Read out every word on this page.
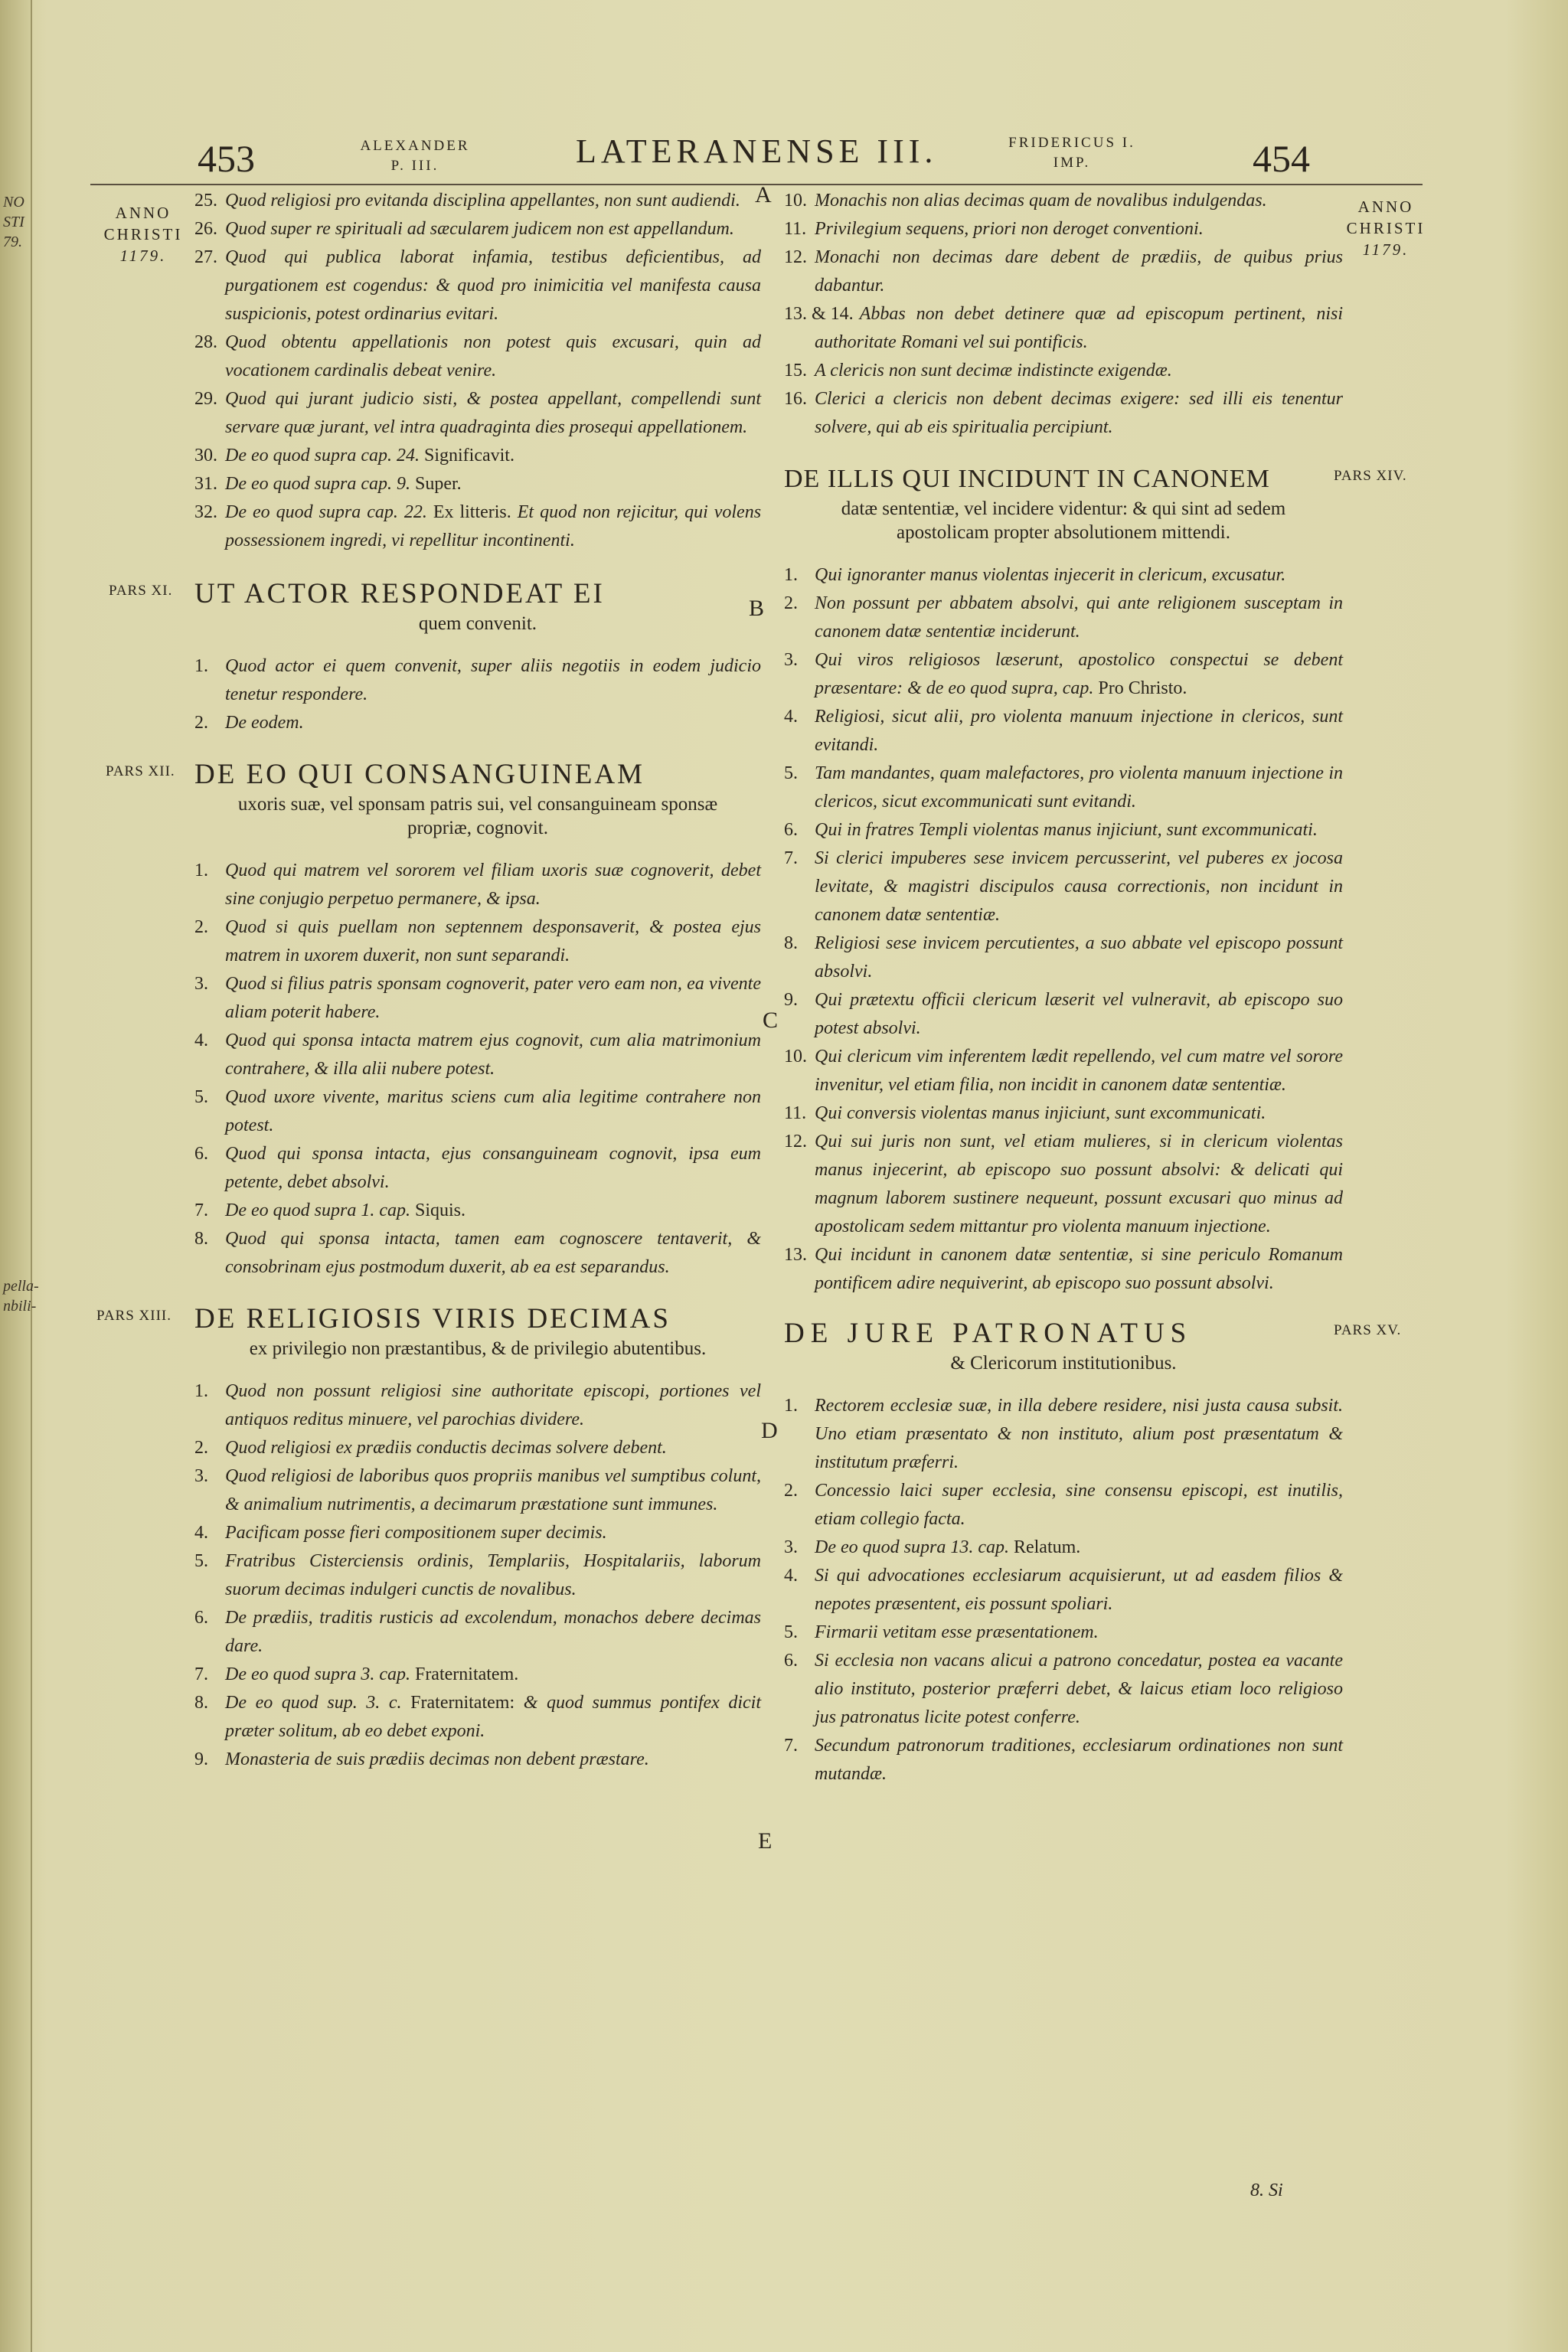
NO
STI
79.
pella-
nbili-
453	ALEXANDER
P. III.	LATERANENSE III.	FRIDERICUS I.
IMP.	454
ANNO
CHRISTI
1179.
ANNO
CHRISTI
1179.
A
B
C
D
E
25. Quod religiosi pro evitanda disciplina appellantes, non sunt audiendi.
26. Quod super re spirituali ad sæcularem judicem non est appellandum.
27. Quod qui publica laborat infamia, testibus deficientibus, ad purgationem est cogendus: & quod pro inimicitia vel manifesta causa suspicionis, potest ordinarius evitari.
28. Quod obtentu appellationis non potest quis excusari, quin ad vocationem cardinalis debeat venire.
29. Quod qui jurant judicio sisti, & postea appellant, compellendi sunt servare quæ jurant, vel intra quadraginta dies prosequi appellationem.
30. De eo quod supra cap. 24. Significavit.
31. De eo quod supra cap. 9. Super.
32. De eo quod supra cap. 22. Ex litteris. Et quod non rejicitur, qui volens possessionem ingredi, vi repellitur incontinenti.
PARS XI. UT ACTOR RESPONDEAT EI
quem convenit.
1. Quod actor ei quem convenit, super aliis negotiis in eodem judicio tenetur respondere.
2. De eodem.
PARS XII. DE EO QUI CONSANGUINEAM
uxoris suæ, vel sponsam patris sui, vel consanguineam sponsæ propriæ, cognovit.
1. Quod qui matrem vel sororem vel filiam uxoris suæ cognoverit, debet sine conjugio perpetuo permanere, & ipsa.
2. Quod si quis puellam non septennem desponsaverit, & postea ejus matrem in uxorem duxerit, non sunt separandi.
3. Quod si filius patris sponsam cognoverit, pater vero eam non, ea vivente aliam poterit habere.
4. Quod qui sponsa intacta matrem ejus cognovit, cum alia matrimonium contrahere, & illa alii nubere potest.
5. Quod uxore vivente, maritus sciens cum alia legitime contrahere non potest.
6. Quod qui sponsa intacta, ejus consanguineam cognovit, ipsa eum petente, debet absolvi.
7. De eo quod supra 1. cap. Siquis.
8. Quod qui sponsa intacta, tamen eam cognoscere tentaverit, & consobrinam ejus postmodum duxerit, ab ea est separandus.
PARS XIII. DE RELIGIOSIS VIRIS DECIMAS
ex privilegio non præstantibus, & de privilegio abutentibus.
1. Quod non possunt religiosi sine authoritate episcopi, portiones vel antiquos reditus minuere, vel parochias dividere.
2. Quod religiosi ex prædiis conductis decimas solvere debent.
3. Quod religiosi de laboribus quos propriis manibus vel sumptibus colunt, & animalium nutrimentis, a decimarum præstatione sunt immunes.
4. Pacificam posse fieri compositionem super decimis.
5. Fratribus Cisterciensis ordinis, Templariis, Hospitalariis, laborum suorum decimas indulgeri cunctis de novalibus.
6. De prædiis, traditis rusticis ad excolendum, monachos debere decimas dare.
7. De eo quod supra 3. cap. Fraternitatem.
8. De eo quod sup. 3. c. Fraternitatem: & quod summus pontifex dicit præter solitum, ab eo debet exponi.
9. Monasteria de suis prædiis decimas non debent præstare.
10. Monachis non alias decimas quam de novalibus indulgendas.
11. Privilegium sequens, priori non deroget conventioni.
12. Monachi non decimas dare debent de prædiis, de quibus prius dabantur.
13. & 14. Abbas non debet detinere quæ ad episcopum pertinent, nisi authoritate Romani vel sui pontificis.
15. A clericis non sunt decimæ indistincte exigendæ.
16. Clerici a clericis non debent decimas exigere: sed illi eis tenentur solvere, qui ab eis spiritualia percipiunt.
PARS XIV.
DE ILLIS QUI INCIDUNT IN CANONEM
datæ sententiæ, vel incidere videntur: & qui sint ad sedem apostolicam propter absolutionem mittendi.
1. Qui ignoranter manus violentas injecerit in clericum, excusatur.
2. Non possunt per abbatem absolvi, qui ante religionem susceptam in canonem datæ sententiæ inciderunt.
3. Qui viros religiosos læserunt, apostolico conspectui se debent præsentare: & de eo quod supra, cap. Pro Christo.
4. Religiosi, sicut alii, pro violenta manuum injectione in clericos, sunt evitandi.
5. Tam mandantes, quam malefactores, pro violenta manuum injectione in clericos, sicut excommunicati sunt evitandi.
6. Qui in fratres Templi violentas manus injiciunt, sunt excommunicati.
7. Si clerici impuberes sese invicem percusserint, vel puberes ex jocosa levitate, & magistri discipulos causa correctionis, non incidunt in canonem datæ sententiæ.
8. Religiosi sese invicem percutientes, a suo abbate vel episcopo possunt absolvi.
9. Qui prætextu officii clericum læserit vel vulneravit, ab episcopo suo potest absolvi.
10. Qui clericum vim inferentem lædit repellendo, vel cum matre vel sorore invenitur, vel etiam filia, non incidit in canonem datæ sententiæ.
11. Qui conversis violentas manus injiciunt, sunt excommunicati.
12. Qui sui juris non sunt, vel etiam mulieres, si in clericum violentas manus injecerint, ab episcopo suo possunt absolvi: & delicati qui magnum laborem sustinere nequeunt, possunt excusari quo minus ad apostolicam sedem mittantur pro violenta manuum injectione.
13. Qui incidunt in canonem datæ sententiæ, si sine periculo Romanum pontificem adire nequiverint, ab episcopo suo possunt absolvi.
PARS XV.
DE JURE PATRONATUS
& Clericorum institutionibus.
1. Rectorem ecclesiæ suæ, in illa debere residere, nisi justa causa subsit. Uno etiam præsentato & non instituto, alium post præsentatum & institutum præferri.
2. Concessio laici super ecclesia, sine consensu episcopi, est inutilis, etiam collegio facta.
3. De eo quod supra 13. cap. Relatum.
4. Si qui advocationes ecclesiarum acquisierunt, ut ad easdem filios & nepotes præsentent, eis possunt spoliari.
5. Firmarii vetitam esse præsentationem.
6. Si ecclesia non vacans alicui a patrono concedatur, postea ea vacante alio instituto, posterior præferri debet, & laicus etiam loco religioso jus patronatus licite potest conferre.
7. Secundum patronorum traditiones, ecclesiarum ordinationes non sunt mutandæ.
8. Si
